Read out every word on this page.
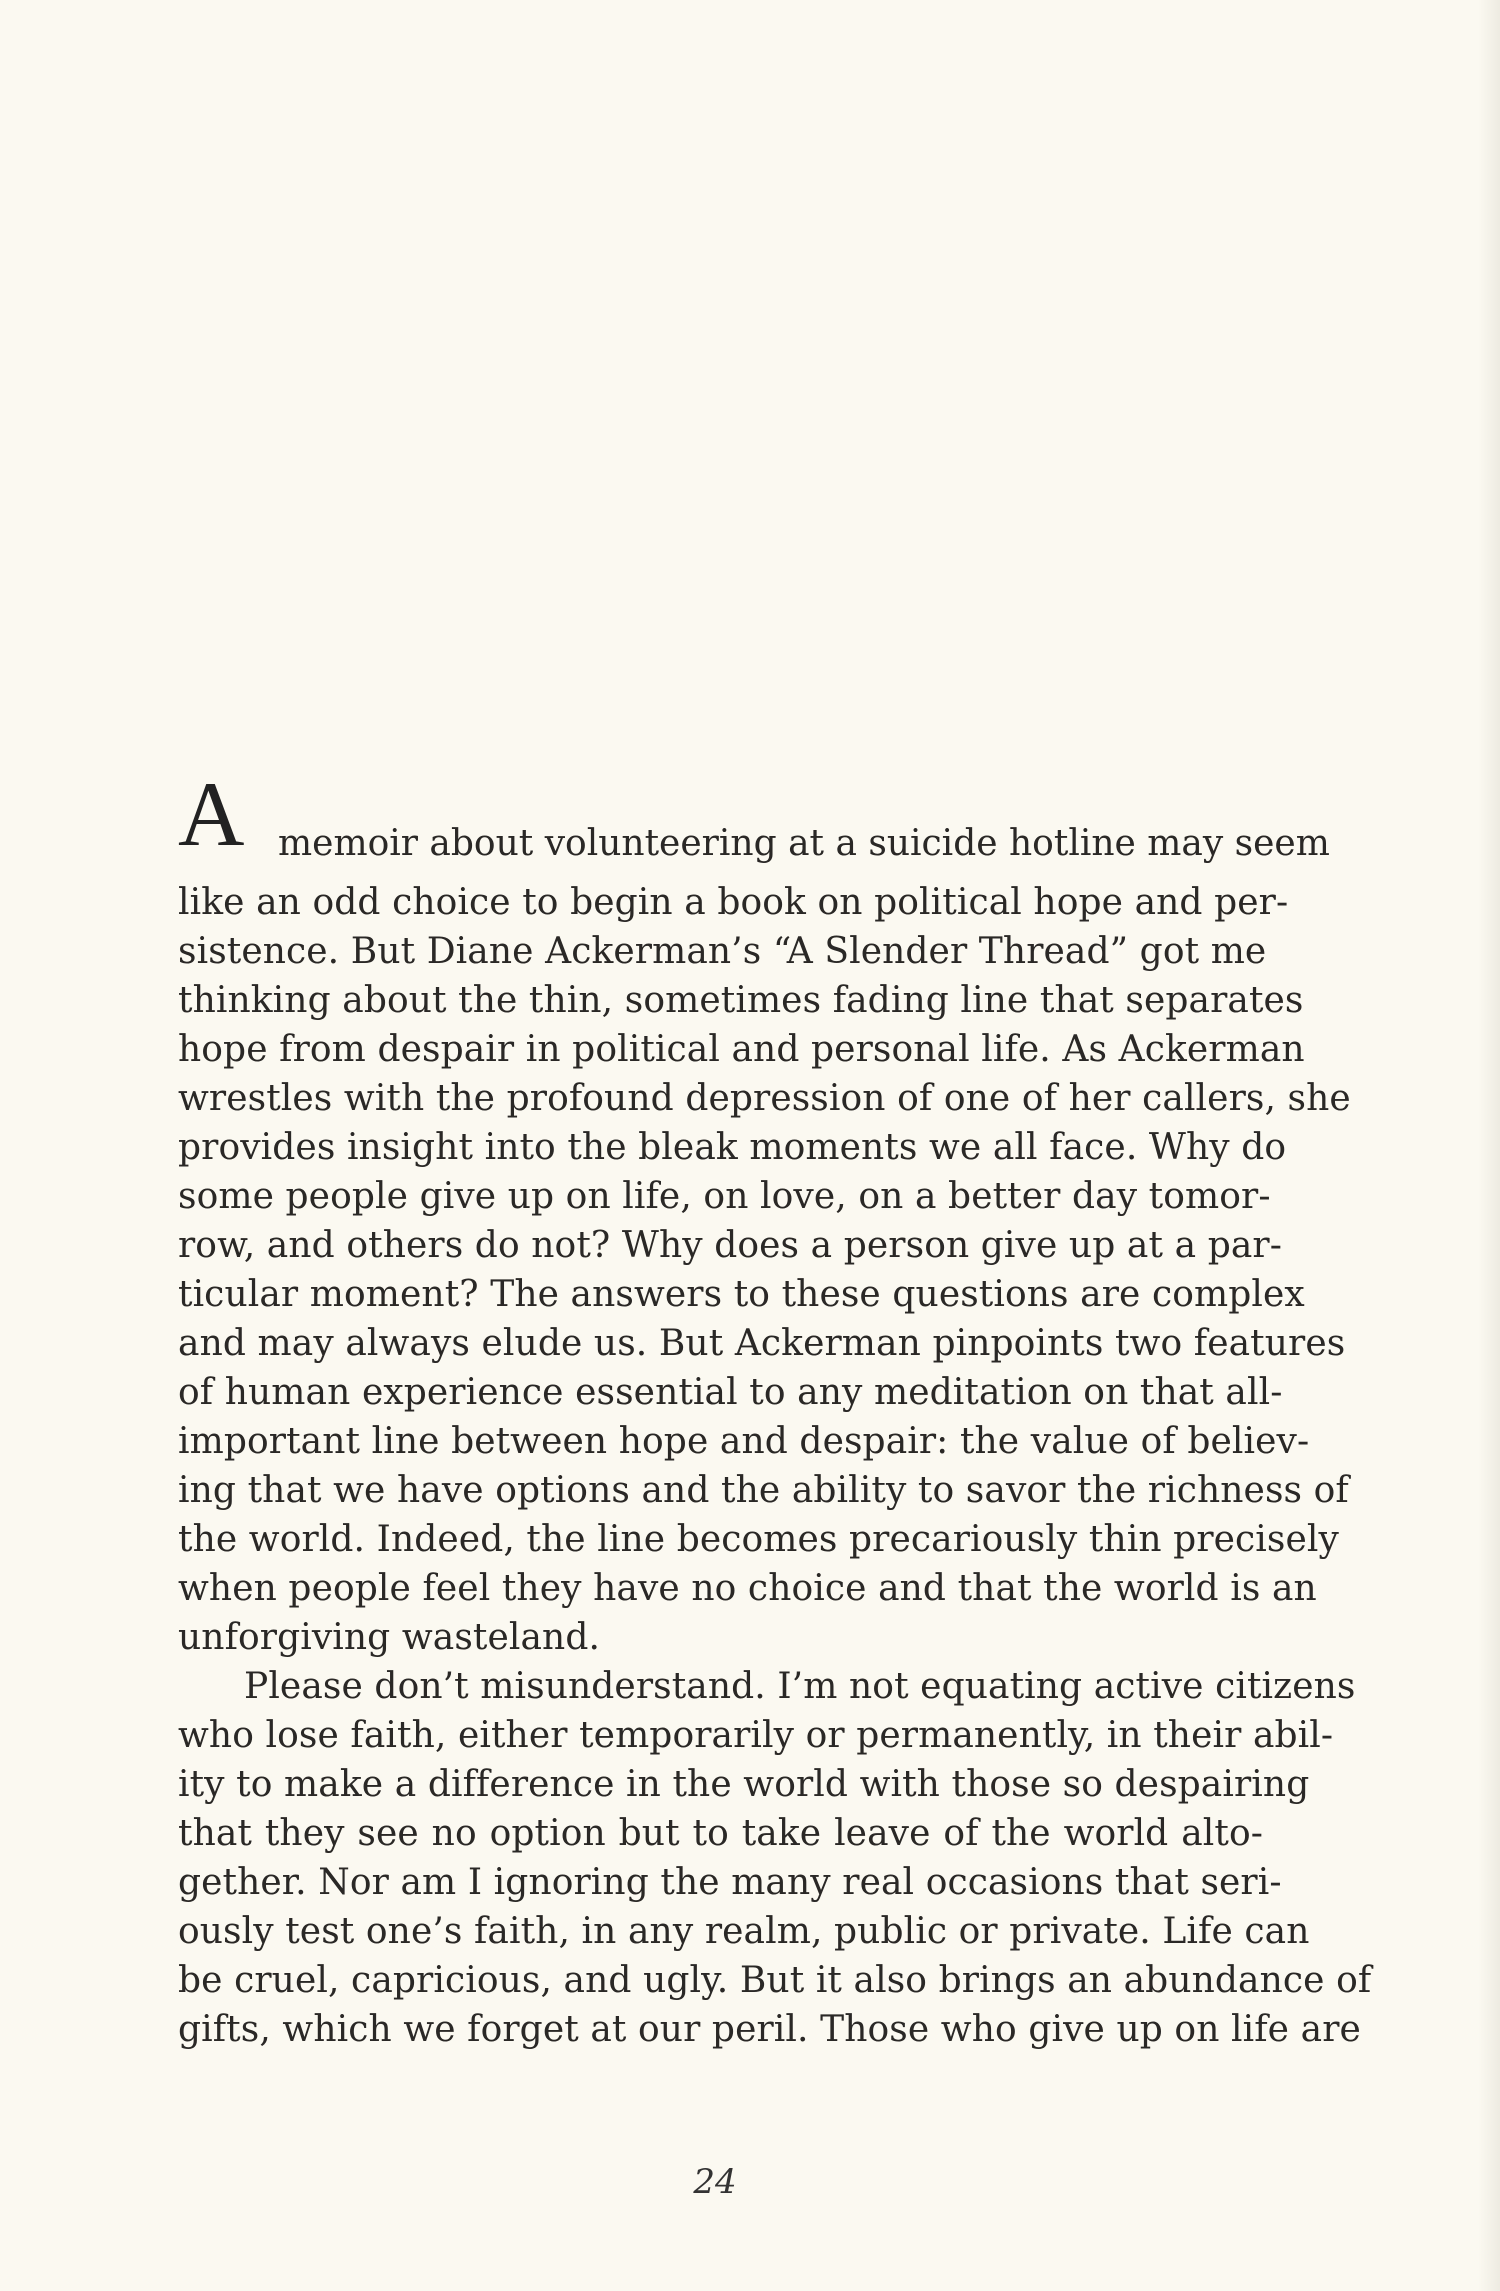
A memoir about volunteering at a suicide hotline may seem
like an odd choice to begin a book on political hope and per-
sistence. But Diane Ackerman’s “A Slender Thread” got me
thinking about the thin, sometimes fading line that separates
hope from despair in political and personal life. As Ackerman
wrestles with the profound depression of one of her callers, she
provides insight into the bleak moments we all face. Why do
some people give up on life, on love, on a better day tomor-
row, and others do not? Why does a person give up at a par-
ticular moment? The answers to these questions are complex
and may always elude us. But Ackerman pinpoints two features
of human experience essential to any meditation on that all-
important line between hope and despair: the value of believ-
ing that we have options and the ability to savor the richness of
the world. Indeed, the line becomes precariously thin precisely
when people feel they have no choice and that the world is an
unforgiving wasteland.
Please don’t misunderstand. I’m not equating active citizens
who lose faith, either temporarily or permanently, in their abil-
ity to make a difference in the world with those so despairing
that they see no option but to take leave of the world alto-
gether. Nor am I ignoring the many real occasions that seri-
ously test one’s faith, in any realm, public or private. Life can
be cruel, capricious, and ugly. But it also brings an abundance of
gifts, which we forget at our peril. Those who give up on life are
24
